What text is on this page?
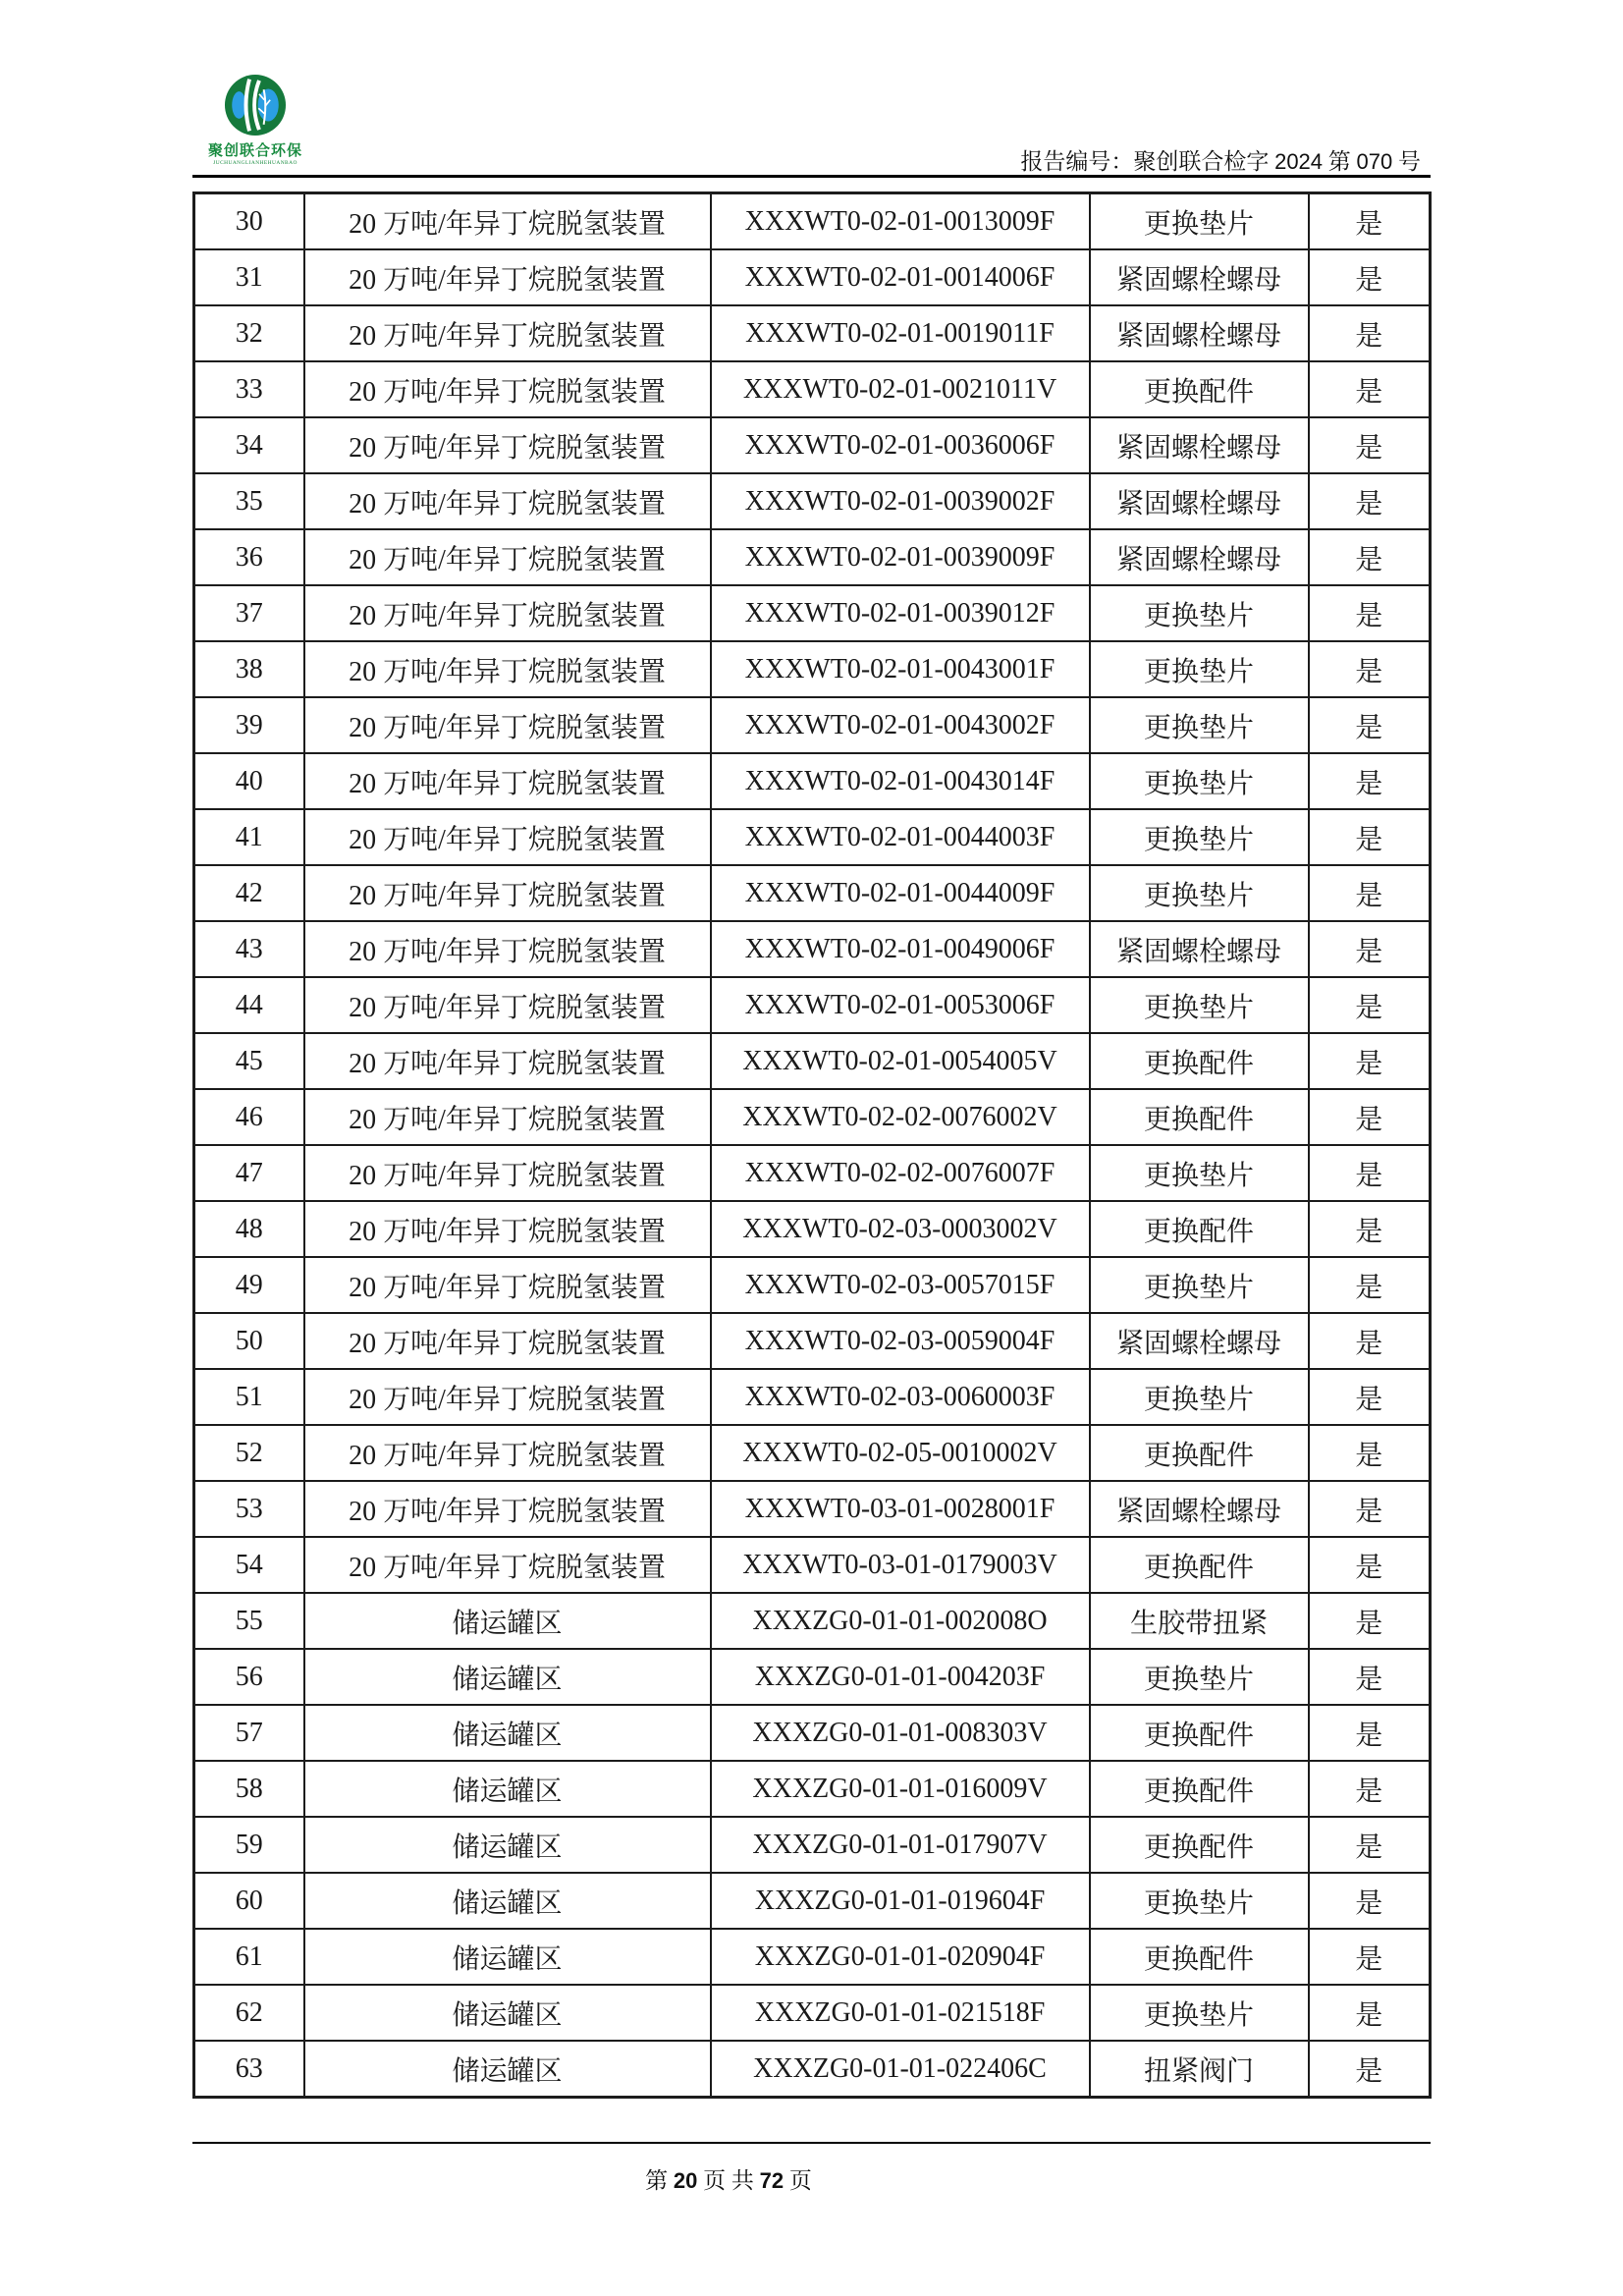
聚创联合环保
JUCHUANGLIANHEHUANBAO	报告编号：聚创联合检字 2024 第 070 号
30	20 万吨/年异丁烷脱氢装置	XXXWT0-02-01-0013009F	更换垫片	是
31	20 万吨/年异丁烷脱氢装置	XXXWT0-02-01-0014006F	紧固螺栓螺母	是
32	20 万吨/年异丁烷脱氢装置	XXXWT0-02-01-0019011F	紧固螺栓螺母	是
33	20 万吨/年异丁烷脱氢装置	XXXWT0-02-01-0021011V	更换配件	是
34	20 万吨/年异丁烷脱氢装置	XXXWT0-02-01-0036006F	紧固螺栓螺母	是
35	20 万吨/年异丁烷脱氢装置	XXXWT0-02-01-0039002F	紧固螺栓螺母	是
36	20 万吨/年异丁烷脱氢装置	XXXWT0-02-01-0039009F	紧固螺栓螺母	是
37	20 万吨/年异丁烷脱氢装置	XXXWT0-02-01-0039012F	更换垫片	是
38	20 万吨/年异丁烷脱氢装置	XXXWT0-02-01-0043001F	更换垫片	是
39	20 万吨/年异丁烷脱氢装置	XXXWT0-02-01-0043002F	更换垫片	是
40	20 万吨/年异丁烷脱氢装置	XXXWT0-02-01-0043014F	更换垫片	是
41	20 万吨/年异丁烷脱氢装置	XXXWT0-02-01-0044003F	更换垫片	是
42	20 万吨/年异丁烷脱氢装置	XXXWT0-02-01-0044009F	更换垫片	是
43	20 万吨/年异丁烷脱氢装置	XXXWT0-02-01-0049006F	紧固螺栓螺母	是
44	20 万吨/年异丁烷脱氢装置	XXXWT0-02-01-0053006F	更换垫片	是
45	20 万吨/年异丁烷脱氢装置	XXXWT0-02-01-0054005V	更换配件	是
46	20 万吨/年异丁烷脱氢装置	XXXWT0-02-02-0076002V	更换配件	是
47	20 万吨/年异丁烷脱氢装置	XXXWT0-02-02-0076007F	更换垫片	是
48	20 万吨/年异丁烷脱氢装置	XXXWT0-02-03-0003002V	更换配件	是
49	20 万吨/年异丁烷脱氢装置	XXXWT0-02-03-0057015F	更换垫片	是
50	20 万吨/年异丁烷脱氢装置	XXXWT0-02-03-0059004F	紧固螺栓螺母	是
51	20 万吨/年异丁烷脱氢装置	XXXWT0-02-03-0060003F	更换垫片	是
52	20 万吨/年异丁烷脱氢装置	XXXWT0-02-05-0010002V	更换配件	是
53	20 万吨/年异丁烷脱氢装置	XXXWT0-03-01-0028001F	紧固螺栓螺母	是
54	20 万吨/年异丁烷脱氢装置	XXXWT0-03-01-0179003V	更换配件	是
55	储运罐区	XXXZG0-01-01-002008O	生胶带扭紧	是
56	储运罐区	XXXZG0-01-01-004203F	更换垫片	是
57	储运罐区	XXXZG0-01-01-008303V	更换配件	是
58	储运罐区	XXXZG0-01-01-016009V	更换配件	是
59	储运罐区	XXXZG0-01-01-017907V	更换配件	是
60	储运罐区	XXXZG0-01-01-019604F	更换垫片	是
61	储运罐区	XXXZG0-01-01-020904F	更换配件	是
62	储运罐区	XXXZG0-01-01-021518F	更换垫片	是
63	储运罐区	XXXZG0-01-01-022406C	扭紧阀门	是
第 20 页 共 72 页
